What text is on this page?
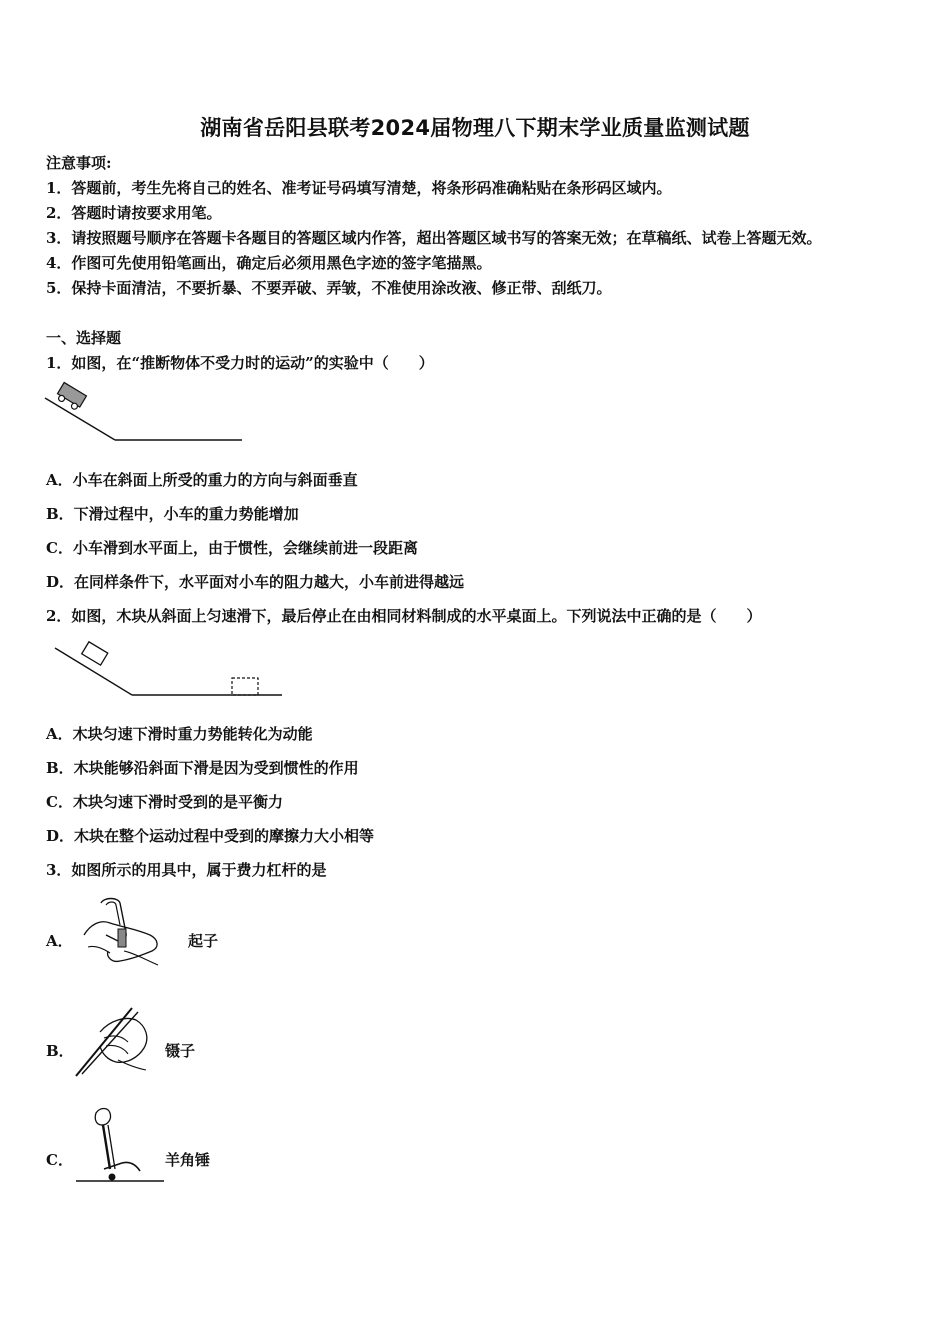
湖南省岳阳县联考2024届物理八下期末学业质量监测试题
注意事项:
1．答题前，考生先将自己的姓名、准考证号码填写清楚，将条形码准确粘贴在条形码区域内。
2．答题时请按要求用笔。
3．请按照题号顺序在答题卡各题目的答题区域内作答，超出答题区域书写的答案无效；在草稿纸、试卷上答题无效。
4．作图可先使用铅笔画出，确定后必须用黑色字迹的签字笔描黑。
5．保持卡面清洁，不要折暴、不要弄破、弄皱，不准使用涂改液、修正带、刮纸刀。
一、选择题
1．如图，在“推断物体不受力时的运动”的实验中（　　）
A．小车在斜面上所受的重力的方向与斜面垂直
B．下滑过程中，小车的重力势能增加
C．小车滑到水平面上，由于惯性，会继续前进一段距离
D．在同样条件下，水平面对小车的阻力越大，小车前进得越远
2．如图，木块从斜面上匀速滑下，最后停止在由相同材料制成的水平桌面上。下列说法中正确的是（　　）
A．木块匀速下滑时重力势能转化为动能
B．木块能够沿斜面下滑是因为受到惯性的作用
C．木块匀速下滑时受到的是平衡力
D．木块在整个运动过程中受到的摩擦力大小相等
3．如图所示的用具中，属于费力杠杆的是
A．	起子
B．	镊子
C．	羊角锤
